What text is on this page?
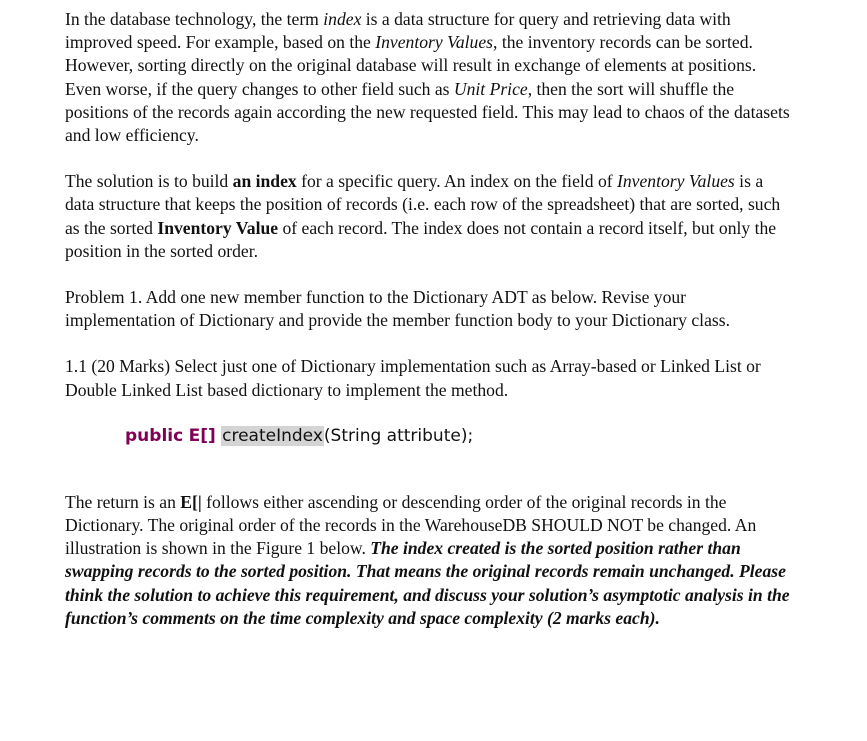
In the database technology, the term index is a data structure for query and retrieving data with improved speed. For example, based on the Inventory Values, the inventory records can be sorted. However, sorting directly on the original database will result in exchange of elements at positions. Even worse, if the query changes to other field such as Unit Price, then the sort will shuffle the positions of the records again according the new requested field. This may lead to chaos of the datasets and low efficiency.

The solution is to build an index for a specific query. An index on the field of Inventory Values is a data structure that keeps the position of records (i.e. each row of the spreadsheet) that are sorted, such as the sorted Inventory Value of each record. The index does not contain a record itself, but only the position in the sorted order.

Problem 1. Add one new member function to the Dictionary ADT as below. Revise your implementation of Dictionary and provide the member function body to your Dictionary class.

1.1 (20 Marks) Select just one of Dictionary implementation such as Array-based or Linked List or Double Linked List based dictionary to implement the method.

public E[] createIndex(String attribute);

The return is an E[| follows either ascending or descending order of the original records in the Dictionary. The original order of the records in the WarehouseDB SHOULD NOT be changed. An illustration is shown in the Figure 1 below. The index created is the sorted position rather than swapping records to the sorted position. That means the original records remain unchanged. Please think the solution to achieve this requirement, and discuss your solution’s asymptotic analysis in the function’s comments on the time complexity and space complexity (2 marks each).
